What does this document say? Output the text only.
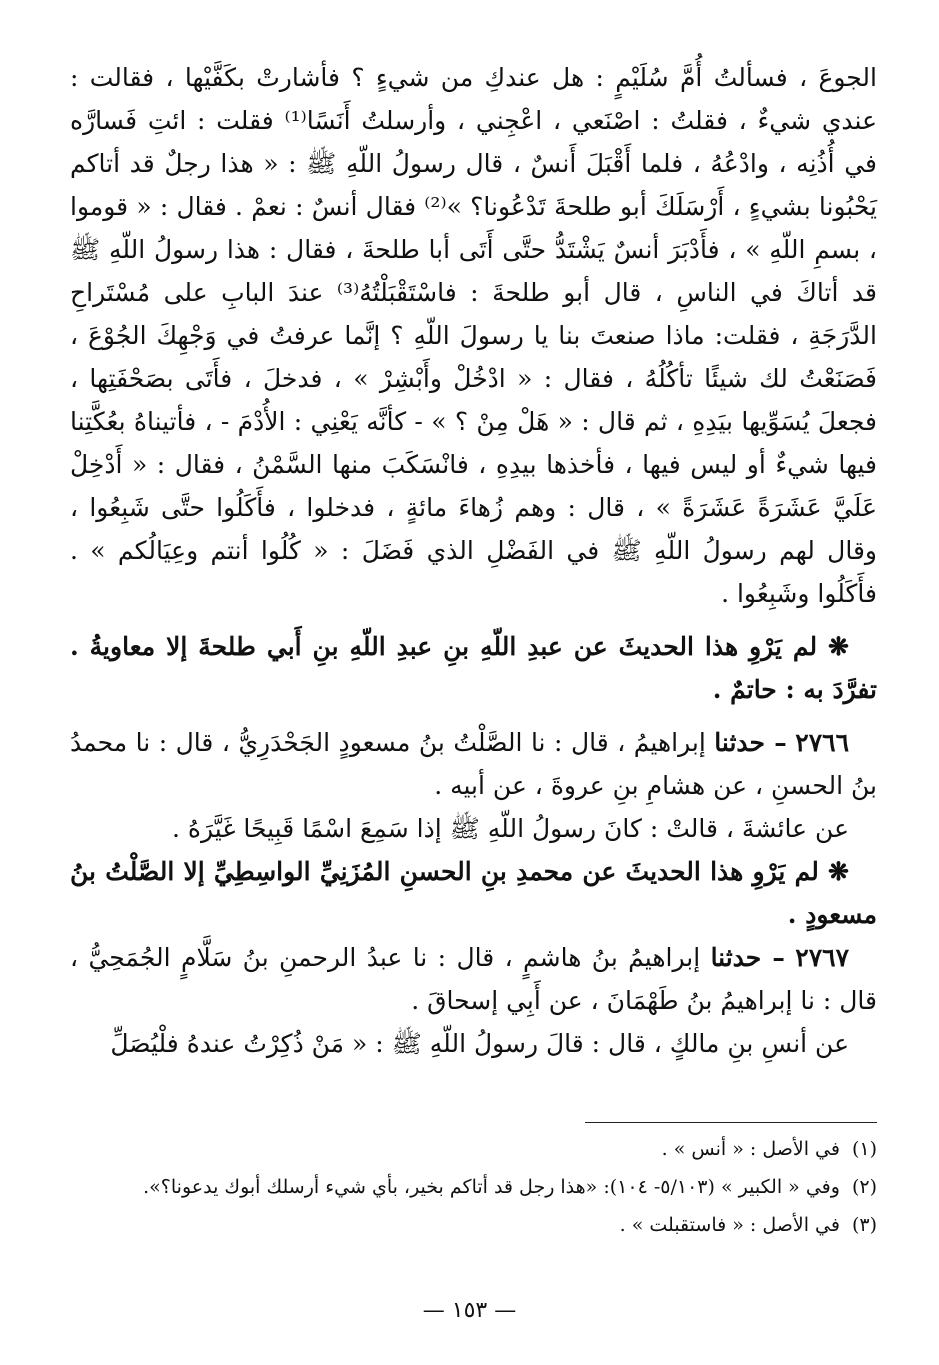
الجوعَ ، فسألتُ أُمَّ سُلَيْمٍ : هل عندكِ من شيءٍ ؟ فأشارتْ بكَفَّيْها ، فقالت : عندي شيءٌ ، فقلتُ : اصْنَعي ، اعْجِني ، وأرسلتُ أَنَسًا⁽¹⁾ فقلت : ائتِ فَسارَّه في أُذُنِه ، وادْعُهُ ، فلما أَقْبَلَ أَنسٌ ، قال رسولُ اللّهِ ﷺ : « هذا رجلٌ قد أتاكم يَحْبُونا بشيءٍ ، أَرْسَلَكَ أبو طلحةَ تَدْعُونا؟ »⁽²⁾ فقال أنسٌ : نعمْ . فقال : « قوموا ، بسمِ اللّهِ » ، فأَدْبَرَ أنسٌ يَشْتَدُّ حتَّى أَتَى أبا طلحةَ ، فقال : هذا رسولُ اللّهِ ﷺ قد أتاكَ في الناسِ ، قال أبو طلحةَ : فاسْتَقْبَلْتُهُ⁽³⁾ عندَ البابِ على مُسْتَراحِ الدَّرَجَةِ ، فقلت: ماذا صنعتَ بنا يا رسولَ اللّهِ ؟ إنَّما عرفتُ في وَجْهِكَ الجُوْعَ ، فَصَنَعْتُ لك شيئًا تأكُلُهُ ، فقال : « ادْخُلْ وأَبْشِرْ » ، فدخلَ ، فأَتَى بصَحْفَتِها ، فجعلَ يُسَوِّيها بيَدِهِ ، ثم قال : « هَلْ مِنْ ؟ » - كأنَّه يَعْنِي : الأُدْمَ - ، فأتيناهُ بعُكَّتِنا فيها شيءٌ أو ليس فيها ، فأخذها بيدِهِ ، فانْسَكَبَ منها السَّمْنُ ، فقال : « أَدْخِلْ عَلَيَّ عَشَرَةً عَشَرَةً » ، قال : وهم زُهاءَ مائةٍ ، فدخلوا ، فأَكَلُوا حتَّى شَبِعُوا ، وقال لهم رسولُ اللّهِ ﷺ في الفَضْلِ الذي فَضَلَ : « كُلُوا أنتم وعِيَالُكم » . فأَكَلُوا وشَبِعُوا .

❋ لم يَرْوِ هذا الحديثَ عن عبدِ اللّهِ بنِ عبدِ اللّهِ بنِ أَبي طلحةَ إلا معاويةُ . تفرَّدَ به : حاتمٌ .

٢٧٦٦ – حدثنا إبراهيمُ ، قال : نا الصَّلْتُ بنُ مسعودٍ الجَحْدَرِيُّ ، قال : نا محمدُ بنُ الحسنِ ، عن هشامِ بنِ عروةَ ، عن أبيه .

عن عائشةَ ، قالتْ : كانَ رسولُ اللّهِ ﷺ إذا سَمِعَ اسْمًا قَبِيحًا غَيَّرَهُ .

❋ لم يَرْوِ هذا الحديثَ عن محمدِ بنِ الحسنِ المُزَنِيِّ الواسِطِيِّ إلا الصَّلْتُ بنُ مسعودٍ .

٢٧٦٧ – حدثنا إبراهيمُ بنُ هاشمٍ ، قال : نا عبدُ الرحمنِ بنُ سَلَّامٍ الجُمَحِيُّ ، قال : نا إبراهيمُ بنُ طَهْمَانَ ، عن أَبِي إسحاقَ .

عن أنسِ بنِ مالكٍ ، قال : قالَ رسولُ اللّهِ ﷺ : « مَنْ ذُكِرْتُ عندهُ فلْيُصَلِّ

(١)في الأصل : « أنس » .

(٢)وفي « الكبير » (٥/١٠٣- ١٠٤): «هذا رجل قد أتاكم بخير، بأي شيء أرسلك أبوك يدعونا؟».

(٣)في الأصل : « فاستقبلت » .

— ١٥٣ —
